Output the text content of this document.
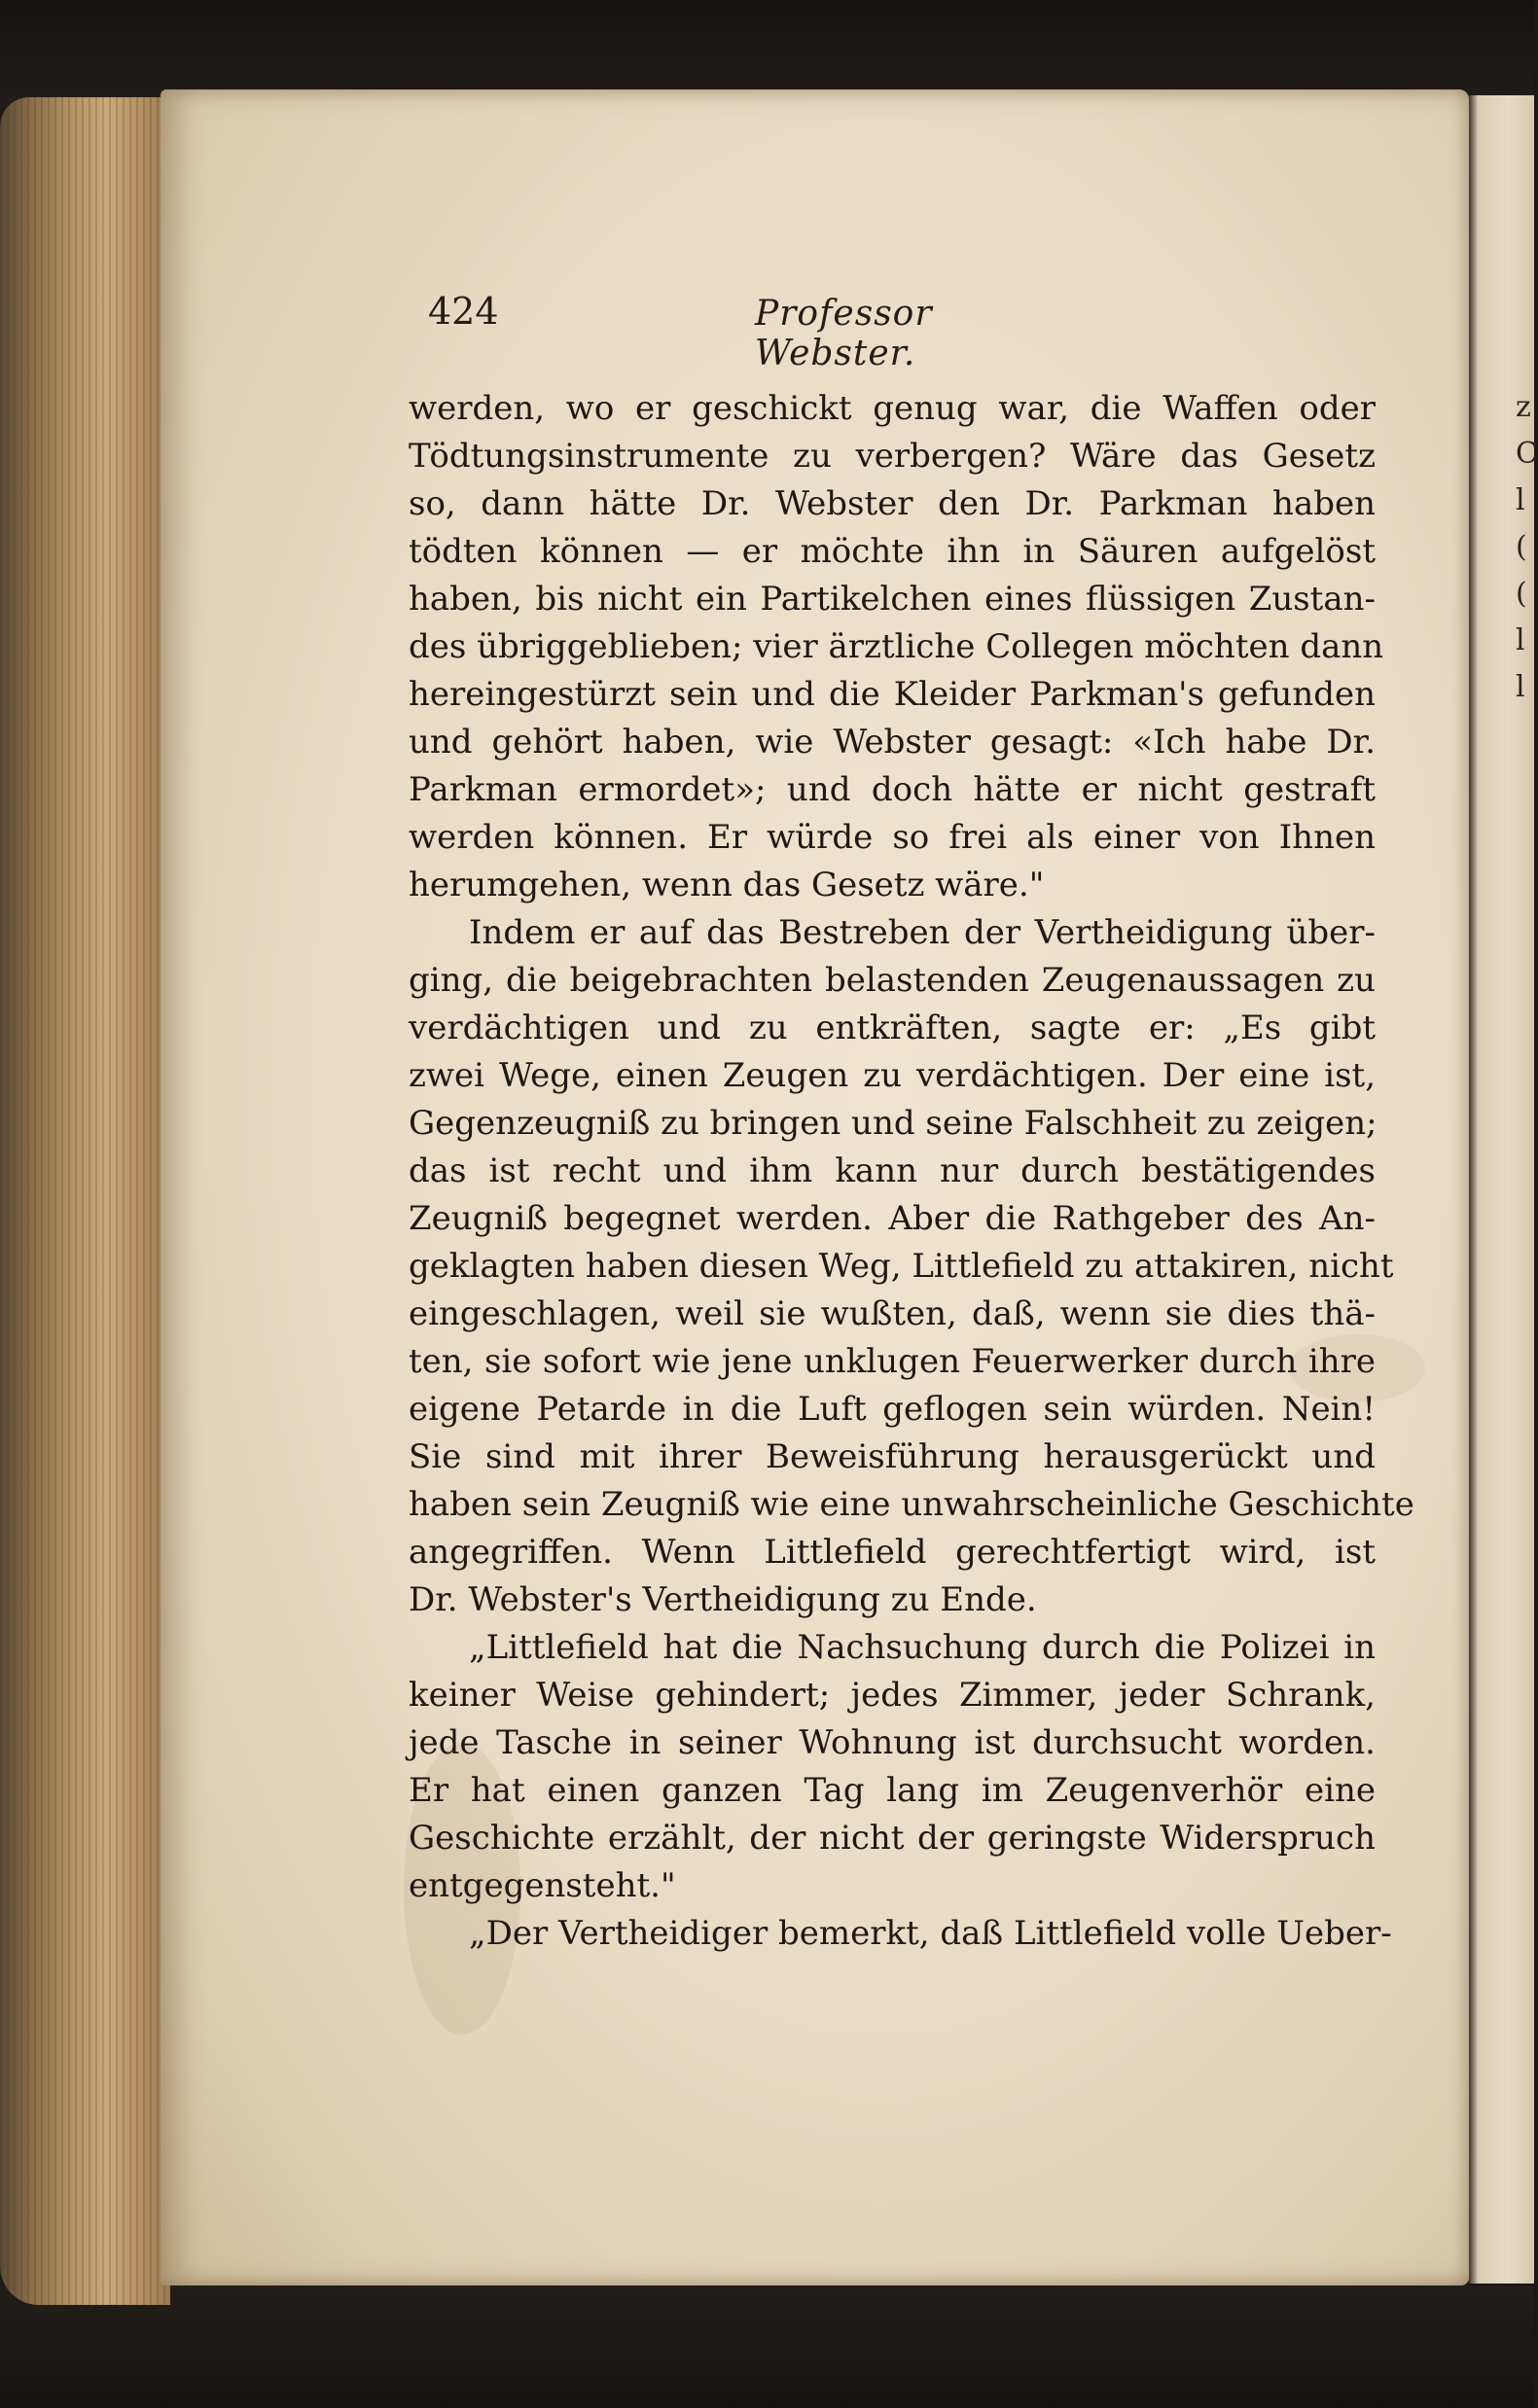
z
C
l
(
(
l
l
424	Professor Webster.
werden, wo er geschickt genug war, die Waffen oder
Tödtungsinstrumente zu verbergen? Wäre das Gesetz
so, dann hätte Dr. Webster den Dr. Parkman haben
tödten können — er möchte ihn in Säuren aufgelöst
haben, bis nicht ein Partikelchen eines flüssigen Zustan-
des übriggeblieben; vier ärztliche Collegen möchten dann
hereingestürzt sein und die Kleider Parkman's gefunden
und gehört haben, wie Webster gesagt: «Ich habe Dr.
Parkman ermordet»; und doch hätte er nicht gestraft
werden können. Er würde so frei als einer von Ihnen
herumgehen, wenn das Gesetz wäre."
Indem er auf das Bestreben der Vertheidigung über-
ging, die beigebrachten belastenden Zeugenaussagen zu
verdächtigen und zu entkräften, sagte er: „Es gibt
zwei Wege, einen Zeugen zu verdächtigen. Der eine ist,
Gegenzeugniß zu bringen und seine Falschheit zu zeigen;
das ist recht und ihm kann nur durch bestätigendes
Zeugniß begegnet werden. Aber die Rathgeber des An-
geklagten haben diesen Weg, Littlefield zu attakiren, nicht
eingeschlagen, weil sie wußten, daß, wenn sie dies thä-
ten, sie sofort wie jene unklugen Feuerwerker durch ihre
eigene Petarde in die Luft geflogen sein würden. Nein!
Sie sind mit ihrer Beweisführung herausgerückt und
haben sein Zeugniß wie eine unwahrscheinliche Geschichte
angegriffen. Wenn Littlefield gerechtfertigt wird, ist
Dr. Webster's Vertheidigung zu Ende.
„Littlefield hat die Nachsuchung durch die Polizei in
keiner Weise gehindert; jedes Zimmer, jeder Schrank,
jede Tasche in seiner Wohnung ist durchsucht worden.
Er hat einen ganzen Tag lang im Zeugenverhör eine
Geschichte erzählt, der nicht der geringste Widerspruch
entgegensteht."
„Der Vertheidiger bemerkt, daß Littlefield volle Ueber-
